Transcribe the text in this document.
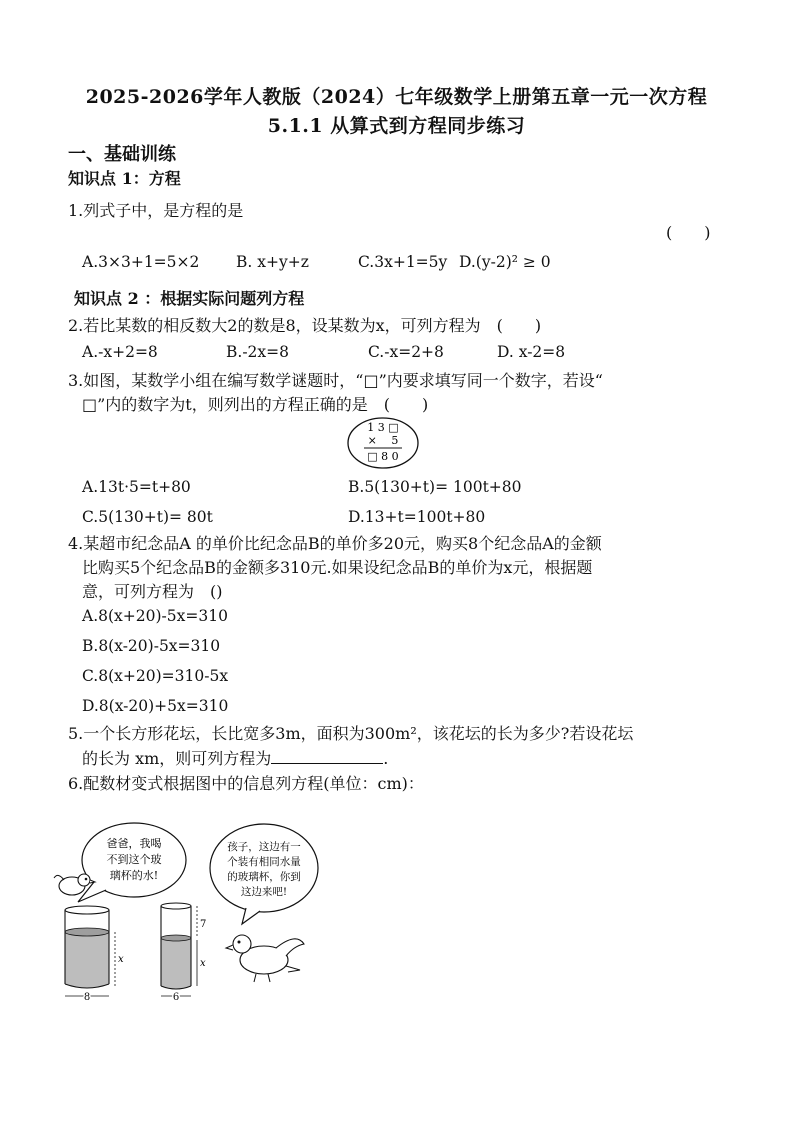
2025-2026学年人教版（2024）七年级数学上册第五章一元一次方程
5.1.1 从算式到方程同步练习
一、基础训练
知识点 1：方程
1.列式子中，是方程的是
(　　)
A.3×3+1=5×2 B. x+y+z	C.3x+1=5y D.(y-2)² ≥ 0
知识点 2 ：根据实际问题列方程
2.若比某数的相反数大2的数是8，设某数为x，可列方程为　(　　)
A.-x+2=8	B.-2x=8	C.-x=2+8	D. x-2=8
3.如图，某数学小组在编写数学谜题时，“□”内要求填写同一个数字，若设“
□”内的数字为t，则列出的方程正确的是　(　　)
1 3 □
×　 5
□ 8 0
A.13t·5=t+80	B.5(130+t)= 100t+80
C.5(130+t)= 80t	D.13+t=100t+80
4.某超市纪念品A 的单价比纪念品B的单价多20元，购买8个纪念品A的金额
比购买5个纪念品B的金额多310元.如果设纪念品B的单价为x元，根据题
意，可列方程为　()
A.8(x+20)-5x=310
B.8(x-20)-5x=310
C.8(x+20)=310-5x
D.8(x-20)+5x=310
5.一个长方形花坛，长比宽多3m，面积为300m²，该花坛的长为多少?若设花坛
的长为 xm，则可列方程为	.
6.配数材变式根据图中的信息列方程(单位：cm)：
爸爸，我喝
不到这个玻
璃杯的水!
x
8
7
x
6
孩子，这边有一
个装有相同水量
的玻璃杯，你到
这边来吧!
